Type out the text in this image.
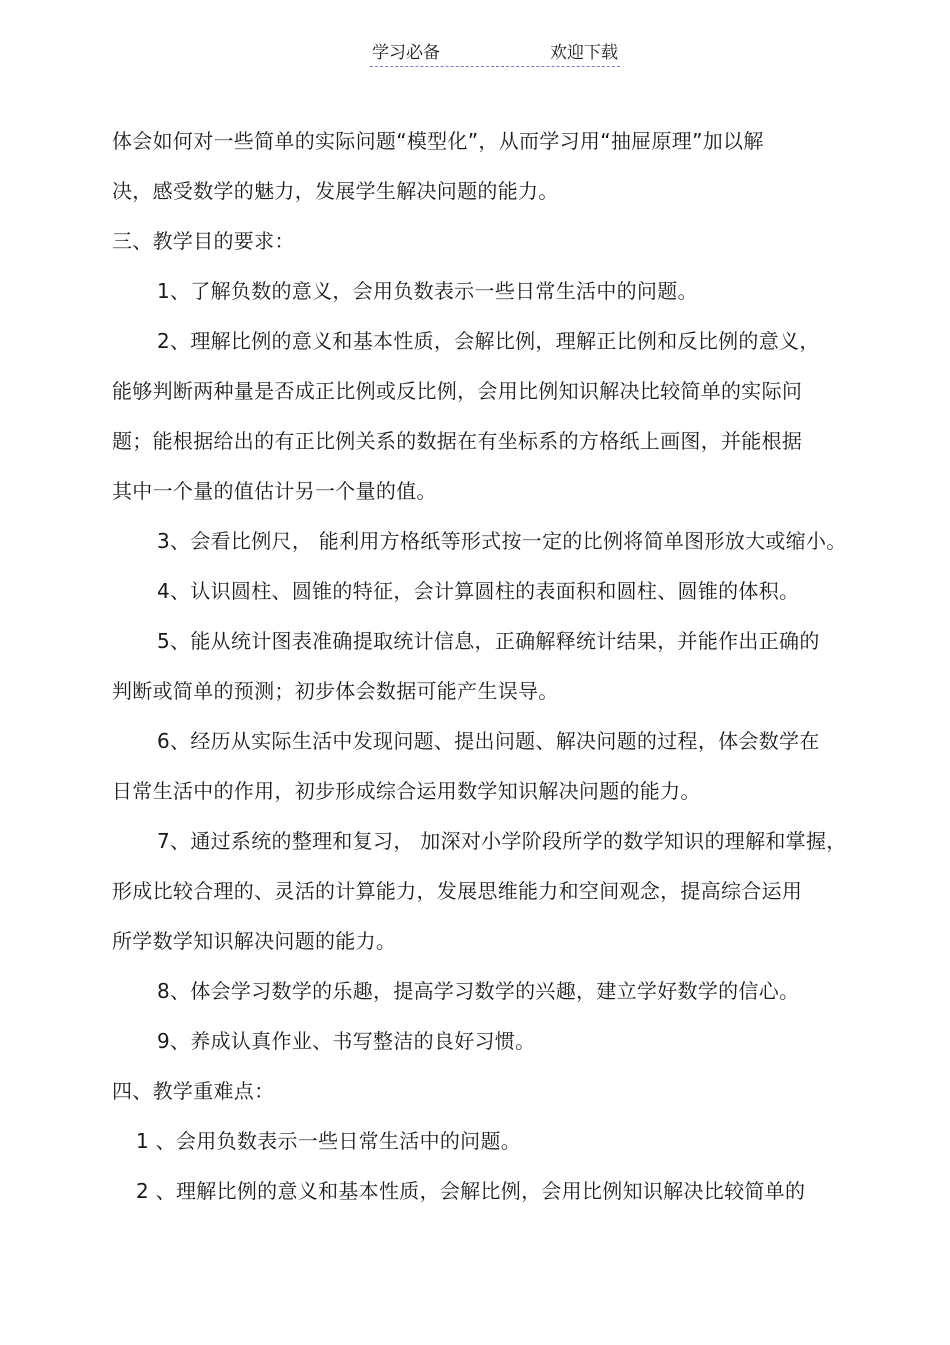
学习必备	欢迎下载
体会如何对一些简单的实际问题“模型化”，从而学习用“抽屉原理”加以解
决，感受数学的魅力，发展学生解决问题的能力。
三、教学目的要求：
1、了解负数的意义，会用负数表示一些日常生活中的问题。
2、理解比例的意义和基本性质，会解比例，理解正比例和反比例的意义，
能够判断两种量是否成正比例或反比例，会用比例知识解决比较简单的实际问
题；能根据给出的有正比例关系的数据在有坐标系的方格纸上画图，并能根据
其中一个量的值估计另一个量的值。
3、会看比例尺， 能利用方格纸等形式按一定的比例将简单图形放大或缩小。
4、认识圆柱、圆锥的特征，会计算圆柱的表面积和圆柱、圆锥的体积。
5、能从统计图表准确提取统计信息，正确解释统计结果，并能作出正确的
判断或简单的预测；初步体会数据可能产生误导。
6、经历从实际生活中发现问题、提出问题、解决问题的过程，体会数学在
日常生活中的作用，初步形成综合运用数学知识解决问题的能力。
7、通过系统的整理和复习， 加深对小学阶段所学的数学知识的理解和掌握，
形成比较合理的、灵活的计算能力，发展思维能力和空间观念，提高综合运用
所学数学知识解决问题的能力。
8、体会学习数学的乐趣，提高学习数学的兴趣，建立学好数学的信心。
9、养成认真作业、书写整洁的良好习惯。
四、教学重难点：
1 、会用负数表示一些日常生活中的问题。
2 、理解比例的意义和基本性质，会解比例，会用比例知识解决比较简单的
